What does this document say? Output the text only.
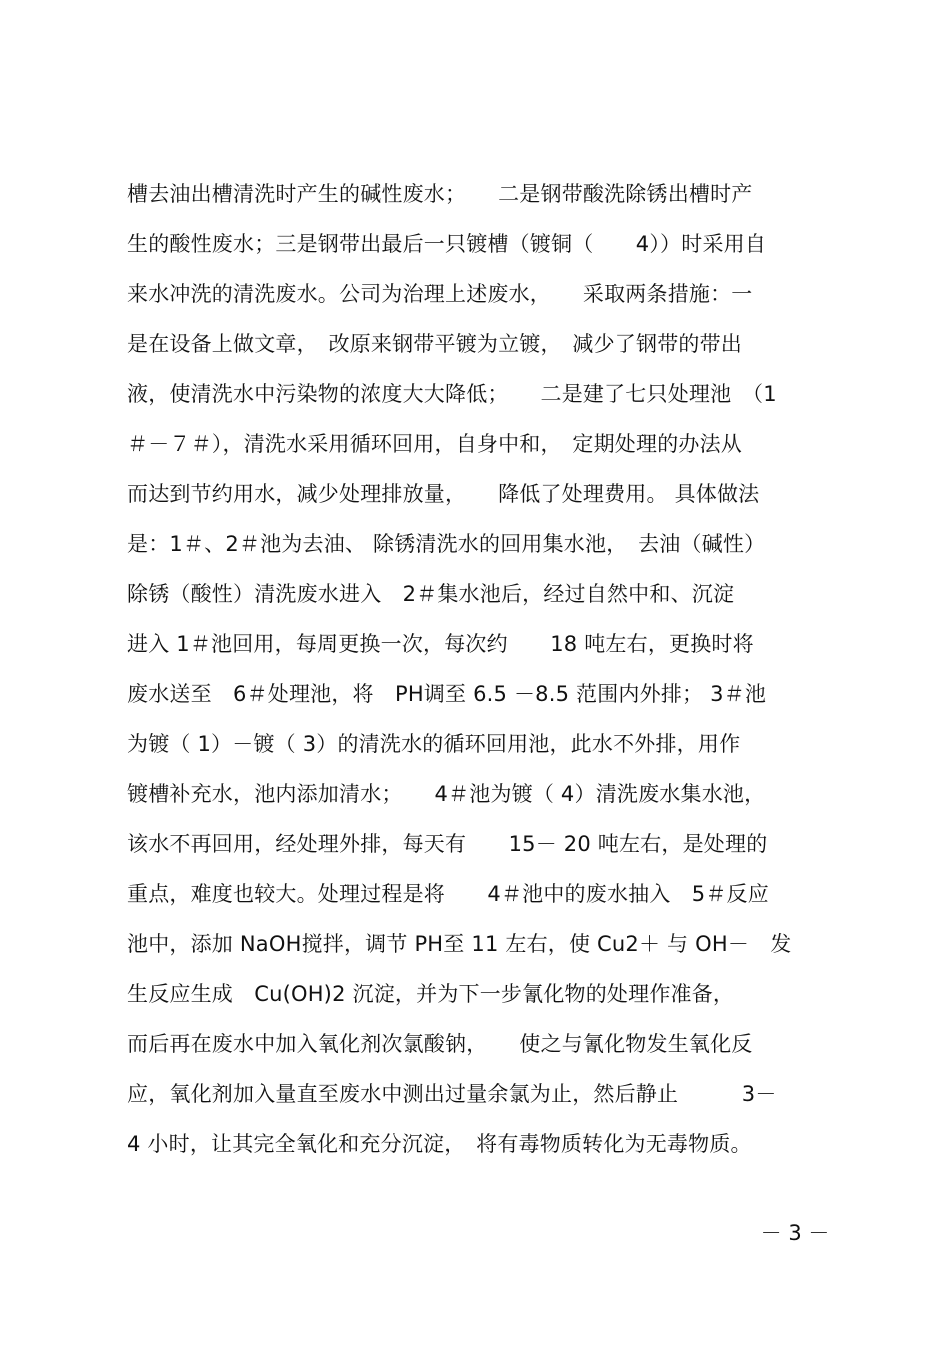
槽去油出槽清洗时产生的碱性废水；　　二是钢带酸洗除锈出槽时产
生的酸性废水；三是钢带出最后一只镀槽（镀铜（　　4））时采用自
来水冲洗的清洗废水。公司为治理上述废水，　　采取两条措施：一
是在设备上做文章，　改原来钢带平镀为立镀，　减少了钢带的带出
液，使清洗水中污染物的浓度大大降低；　　二是建了七只处理池　（1
＃－７＃），清洗水采用循环回用，自身中和，　定期处理的办法从
而达到节约用水，减少处理排放量，　　降低了处理费用。 具体做法
是：1＃、2＃池为去油、 除锈清洗水的回用集水池，　去油（碱性）
除锈（酸性）清洗废水进入　2＃集水池后，经过自然中和、沉淀
进入 1＃池回用，每周更换一次，每次约　　18 吨左右，更换时将
废水送至　6＃处理池，将　PH调至 6.5 －8.5 范围内外排； 3＃池
为镀（ 1）－镀（ 3）的清洗水的循环回用池，此水不外排，用作
镀槽补充水，池内添加清水；　　4＃池为镀（ 4）清洗废水集水池，
该水不再回用，经处理外排，每天有　　15－ 20 吨左右，是处理的
重点，难度也较大。处理过程是将　　4＃池中的废水抽入　5＃反应
池中，添加 NaOH搅拌，调节 PH至 11 左右，使 Cu2＋ 与 OH－　发
生反应生成　Cu(OH)2 沉淀，并为下一步氰化物的处理作准备，
而后再在废水中加入氧化剂次氯酸钠，　　使之与氰化物发生氧化反
应，氧化剂加入量直至废水中测出过量余氯为止，然后静止　　　3－
4 小时，让其完全氧化和充分沉淀，　将有毒物质转化为无毒物质。
－ 3 －
